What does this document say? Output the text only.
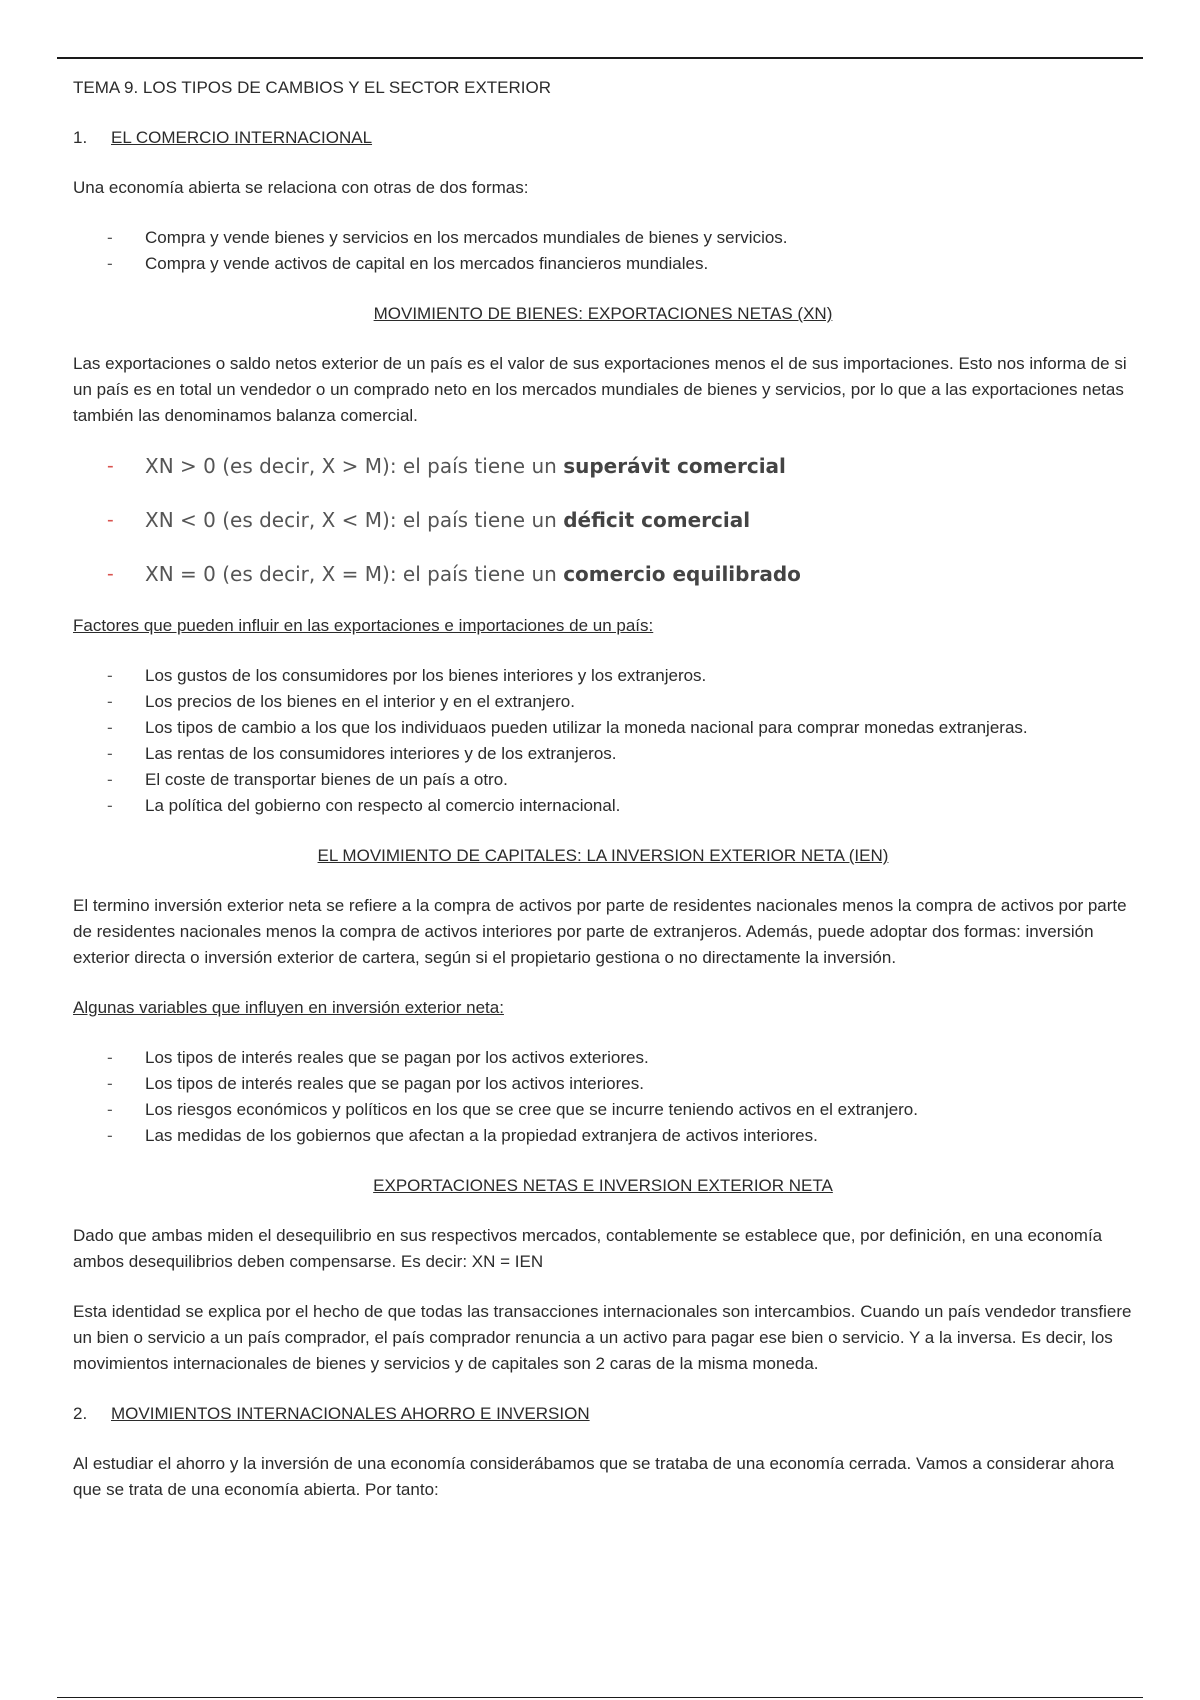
TEMA 9. LOS TIPOS DE CAMBIOS Y EL SECTOR EXTERIOR

1.	EL COMERCIO INTERNACIONAL

Una economía abierta se relaciona con otras de dos formas:

- Compra y vende bienes y servicios en los mercados mundiales de bienes y servicios.
- Compra y vende activos de capital en los mercados financieros mundiales.

MOVIMIENTO DE BIENES: EXPORTACIONES NETAS (XN)

Las exportaciones o saldo netos exterior de un país es el valor de sus exportaciones menos el de sus importaciones. Esto nos informa de si un país es en total un vendedor o un comprado neto en los mercados mundiales de bienes y servicios, por lo que a las exportaciones netas también las denominamos balanza comercial.

- XN > 0 (es decir, X > M): el país tiene un superávit comercial
- XN < 0 (es decir, X < M): el país tiene un déficit comercial
- XN = 0 (es decir, X = M): el país tiene un comercio equilibrado

Factores que pueden influir en las exportaciones e importaciones de un país:

- Los gustos de los consumidores por los bienes interiores y los extranjeros.
- Los precios de los bienes en el interior y en el extranjero.
- Los tipos de cambio a los que los individuaos pueden utilizar la moneda nacional para comprar monedas extranjeras.
- Las rentas de los consumidores interiores y de los extranjeros.
- El coste de transportar bienes de un país a otro.
- La política del gobierno con respecto al comercio internacional.

EL MOVIMIENTO DE CAPITALES: LA INVERSION EXTERIOR NETA (IEN)

El termino inversión exterior neta se refiere a la compra de activos por parte de residentes nacionales menos la compra de activos por parte de residentes nacionales menos la compra de activos interiores por parte de extranjeros. Además, puede adoptar dos formas: inversión exterior directa o inversión exterior de cartera, según si el propietario gestiona o no directamente la inversión.

Algunas variables que influyen en inversión exterior neta:

- Los tipos de interés reales que se pagan por los activos exteriores.
- Los tipos de interés reales que se pagan por los activos interiores.
- Los riesgos económicos y políticos en los que se cree que se incurre teniendo activos en el extranjero.
- Las medidas de los gobiernos que afectan a la propiedad extranjera de activos interiores.

EXPORTACIONES NETAS E INVERSION EXTERIOR NETA

Dado que ambas miden el desequilibrio en sus respectivos mercados, contablemente se establece que, por definición, en una economía ambos desequilibrios deben compensarse. Es decir: XN = IEN

Esta identidad se explica por el hecho de que todas las transacciones internacionales son intercambios. Cuando un país vendedor transfiere un bien o servicio a un país comprador, el país comprador renuncia a un activo para pagar ese bien o servicio. Y a la inversa. Es decir, los movimientos internacionales de bienes y servicios y de capitales son 2 caras de la misma moneda.

2.	MOVIMIENTOS INTERNACIONALES AHORRO E INVERSION

Al estudiar el ahorro y la inversión de una economía considerábamos que se trataba de una economía cerrada. Vamos a considerar ahora que se trata de una economía abierta. Por tanto:
